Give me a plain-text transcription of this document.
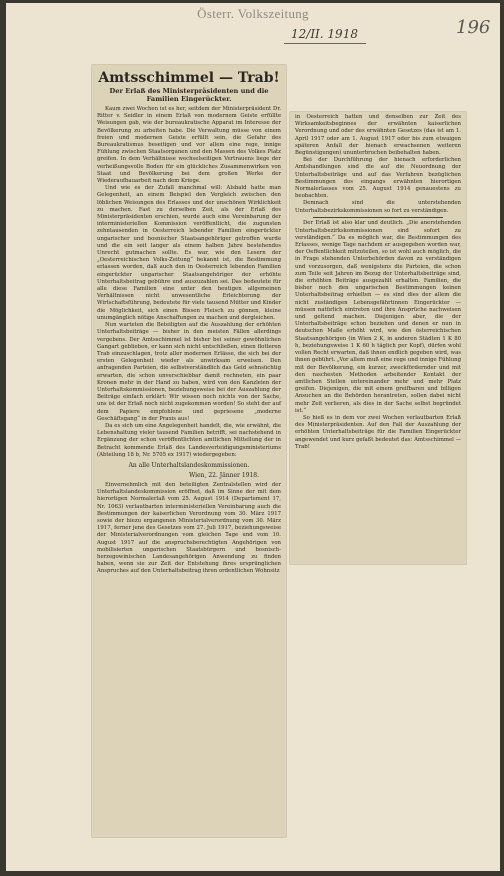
Österr. Volkszeitung
12/II. 1918	196
Amtsschimmel — Trab!
Der Erlaß des Ministerpräsidenten und die Familien Eingerückter.

Kaum zwei Wochen ist es her, seitdem der Ministerpräsident Dr. Ritter v. Seidler in einem Erlaß von modernem Geiste erfüllte Weisungen gab, wie der bureaukratische Apparat im Interesse der Bevölkerung zu arbeiten habe. Die Verwaltung müsse von einem freien und modernen Geiste erfüllt sein, die Gefahr des Bureaukratismus beseitigen und vor allem eine rege, innige Fühlung zwischen Staatsorganen und den Massen des Volkes Platz greifen. In dem Verhältnisse wechselseitigen Vertrauens liege der verheißungsvolle Boden für ein glückliches Zusammenwirken von Staat und Bevölkerung bei dem großen Werke der Wiederaufbauarbeit nach dem Kriege.

Und wie es der Zufall manchmal will: Alsbald hatte man Gelegenheit, an einem Beispiel den Vergleich zwischen den löblichen Weisungen des Erlasses und der unschönen Wirklichkeit zu machen. Fast zu derselben Zeit, als der Erlaß des Ministerpräsidenten erschien, wurde auch eine Vereinbarung der interministeriellen Kommission veröffentlicht, die zugunsten zehntausenden in Oesterreich lebender Familien eingerückter ungarischer und bosnischer Staatsangehöriger getroffen wurde und die ein seit langer als einem halben Jahre bestehendes Unrecht gutmachen sollte. Es war, wie den Lesern der „Oesterreichischen Volks-Zeitung“ bekannt ist, die Bestimmung erlassen worden, daß auch den in Oesterreich lebenden Familien eingerückter ungarischer Staatsangehöriger der erhöhte Unterhaltsbeitrag gebühre und auszuzahlen sei. Das bedeutete für alle diese Familien eine unter den heutigen allgemeinen Verhältnissen nicht unwesentliche Erleichterung der Wirtschaftsführung, bedeutete für viele tausend Mütter und Kinder die Möglichkeit, sich einen Bissen Fleisch zu gönnen, kleine unumgänglich nötige Anschaffungen zu machen und dergleichen.

Nun warteten die Beteiligten auf die Auszahlung der erhöhten Unterhaltsbeiträge — bisher in den meisten Fällen allerdings vergebens. Der Amtsschimmel ist bisher bei seiner gewöhnlichen Gangart geblieben, er kann sich nicht entschließen, einen flotteren Trab einzuschlagen, trotz aller modernen Erlässe, die sich bei der ersten Gelegenheit wieder als unwirksam erweisen. Den anfragenden Parteien, die selbstverständlich das Geld sehnsüchtig erwarten, die schon unverschiebbar damit rechneten, ein paar Kronen mehr in der Hand zu haben, wird von den Kanzleien der Unterhaltskommissionen, beziehungsweise bei der Auszahlung der Beiträge einfach erklärt: Wir wissen noch nichts von der Sache, uns ist der Erlaß noch nicht zugekommen worden! So steht der auf dem Papiere empfohlene und gepriesene „moderne Geschäftsgang“ in der Praxis aus!

Da es sich um eine Angelegenheit handelt, die, wie erwähnt, die Lebenshaltung vieler tausend Familien betrifft, sei nachstehend in Ergänzung der schon veröffentlichten amtlichen Mitteilung der in Betracht kommende Erlaß des Landesverteidigungsministeriums (Abteilung 18 b, Nr. 5705 ex 1917) wiedergegeben:

An alle Unterhaltslandeskommissionen.
Wien, 22. Jänner 1918.

Einvernehmlich mit den beteiligten Zentralstellen wird der Unterhaltslandeskommission eröffnet, daß im Sinne der mit dem hierortigen Normalerlaß vom 25. August 1914 (Departement 17, Nr. 1063) verlautbarten interministeriellen Vereinbarung auch die Bestimmungen der kaiserlichen Verordnung vom 30. März 1917 sowie der hiezu ergangenen Ministerialverordnung vom 30. März 1917, ferner jene des Gesetzes vom 27. Juli 1917, beziehungsweise der Ministerialverordnungen vom gleichen Tage und vom 10. August 1917 auf die anspruchsberechtigten Angehörigen von mobilisierten ungarischen Staatsbürgern und bosnisch-herzegowinischen Landesangehörigen Anwendung zu finden haben, wenn sie zur Zeit der Entstehung ihres ursprünglichen Anspruches auf den Unterhaltsbeitrag ihren ordentlichen Wohnsitz

in Oesterreich hatten und denselben zur Zeit des Wirksamkeitsbeginnes der erwähnten kaiserlichen Verordnung und oder des erwähnten Gesetzes (das ist am 1. April 1917 oder am 1. August 1917 oder bis zum etwaigen späteren Anfall der hienach erwachsenen weiteren Begünstigungen) ununterbrochen beibehalten haben.

Bei der Durchführung der hienach erforderlichen Amtshandlungen sind die auf die Neuordnung der Unterhaltsbeiträge und auf das Verfahren bezüglichen Bestimmungen des eingangs erwähnten hierortigen Normalerlasses vom 25. August 1914 genauestens zu beobachten.

Demnach sind die unterstehenden Unterhaltsbezirkskommissionen so fort zu verständigen.

Der Erlaß ist also klar und deutlich. „Die anerstehenden Unterhaltsbezirkskommissionen sind sofort zu verständigen.“ Da es möglich war, die Bestimmungen des Erlasses, wenige Tage nachdem er ausgegeben worden war, der Oeffentlichkeit mitzuteilen, so ist wohl auch möglich, die in Frage stehenden Unterbehörden davon zu verständigen und vorzusorgen, daß wenigstens die Parteien, die schon zum Teile seit Jahren im Bezug der Unterhaltsbeiträge sind, die erhöhten Beiträge ausgezahlt erhalten. Familien, die bisher noch den ungarischen Bestimmungen keinen Unterhaltsbeitrag erhielten — es sind dies der allem die nicht zuständigen Lebensgefährtinnen Eingerückter — müssen natürlich eintreten und ihre Ansprüche nachweisen und geltend machen. Diejenigen aber, die der Unterhaltsbeiträge schon beziehen und denen er nun in deutschen Maße erhöht wird, wie den österreichischen Staatsangehörigen (in Wien 2 K, in anderen Städten 1 K 80 h, beziehungsweise 1 K 60 h täglich per Kopf), dürfen wohl vollen Recht erwarten, daß ihnen endlich gegeben wird, was ihnen gebührt. „Vor allem muß eine rege und innige Fühlung mit der Bevölkerung, ein kurzer, zweckfördernder und mit den raschesten Methoden arbeitender Kontakt der amtlichen Stellen untereinander mehr und mehr Platz greifen. Diejenigen, die mit einem greifbaren und billigen Ansuchen an die Behörden herantreten, sollen dabei nicht mehr Zeit verlieren, als dies in der Sache selbst begründet ist.“

So hieß es in dem vor zwei Wochen verlautbarten Erlaß des Ministerpräsidenten. Auf den Fall der Auszahlung der erhöhten Unterhaltsbeiträge für die Familien Eingerückter angewendet und kurz gefaßt bedeutet das: Amtsschimmel — Trab!
